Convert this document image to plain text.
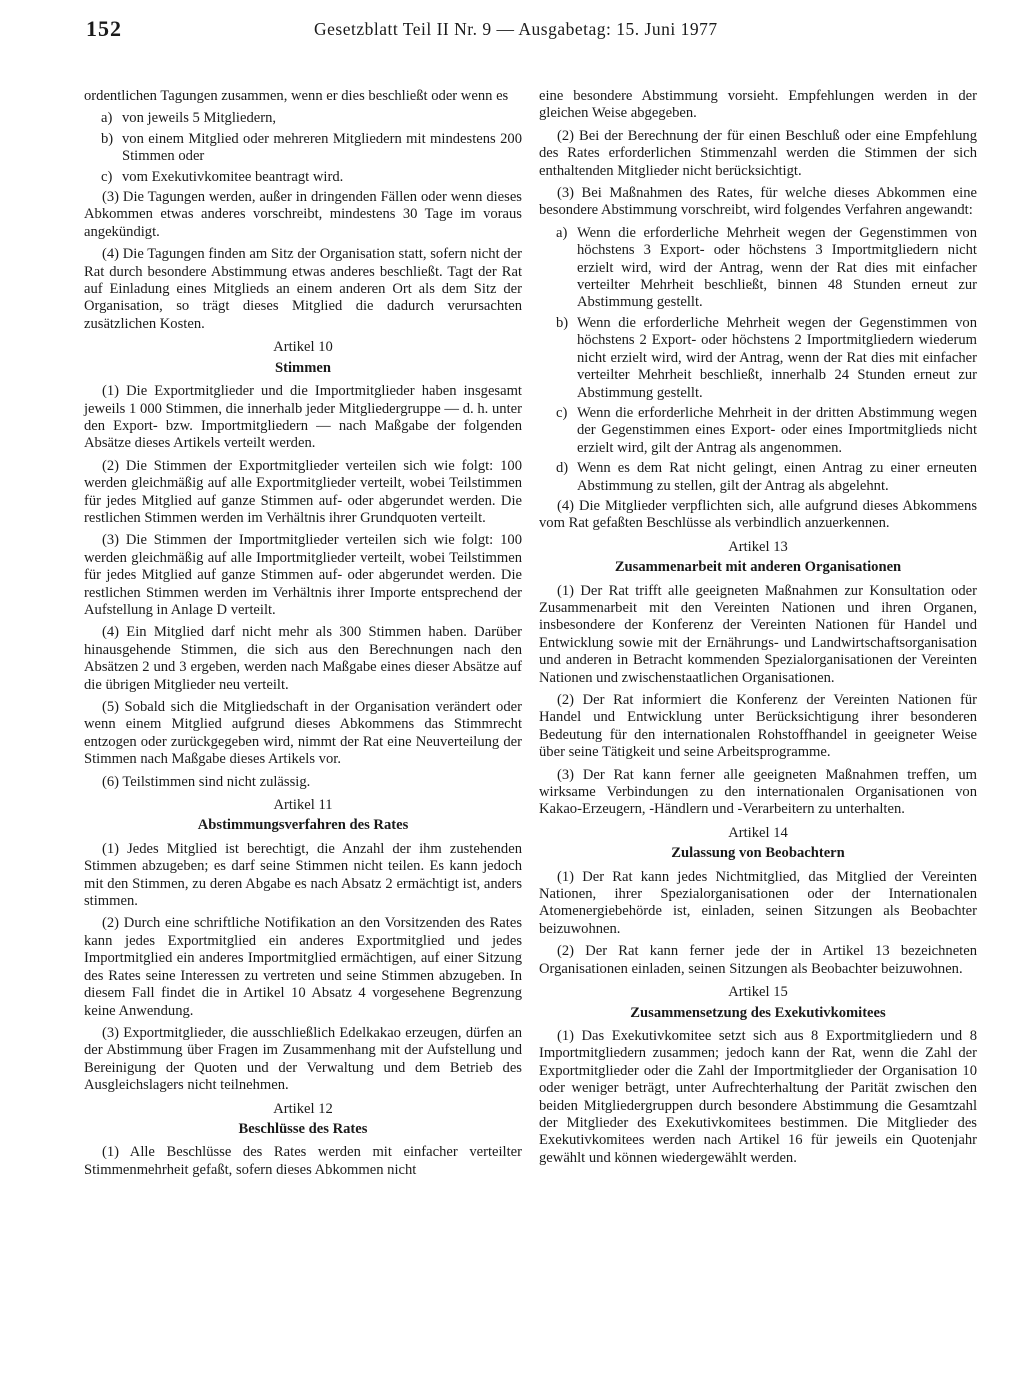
152	Gesetzblatt Teil II Nr. 9 — Ausgabetag: 15. Juni 1977

ordentlichen Tagungen zusammen, wenn er dies beschließt oder wenn es

a) von jeweils 5 Mitgliedern,
b) von einem Mitglied oder mehreren Mitgliedern mit mindestens 200 Stimmen oder
c) vom Exekutivkomitee beantragt wird.

(3) Die Tagungen werden, außer in dringenden Fällen oder wenn dieses Abkommen etwas anderes vorschreibt, mindestens 30 Tage im voraus angekündigt.

(4) Die Tagungen finden am Sitz der Organisation statt, sofern nicht der Rat durch besondere Abstimmung etwas anderes beschließt. Tagt der Rat auf Einladung eines Mitglieds an einem anderen Ort als dem Sitz der Organisation, so trägt dieses Mitglied die dadurch verursachten zusätzlichen Kosten.

Artikel 10
Stimmen

(1) Die Exportmitglieder und die Importmitglieder haben insgesamt jeweils 1 000 Stimmen, die innerhalb jeder Mitgliedergruppe — d. h. unter den Export- bzw. Importmitgliedern — nach Maßgabe der folgenden Absätze dieses Artikels verteilt werden.

(2) Die Stimmen der Exportmitglieder verteilen sich wie folgt: 100 werden gleichmäßig auf alle Exportmitglieder verteilt, wobei Teilstimmen für jedes Mitglied auf ganze Stimmen auf- oder abgerundet werden. Die restlichen Stimmen werden im Verhältnis ihrer Grundquoten verteilt.

(3) Die Stimmen der Importmitglieder verteilen sich wie folgt: 100 werden gleichmäßig auf alle Importmitglieder verteilt, wobei Teilstimmen für jedes Mitglied auf ganze Stimmen auf- oder abgerundet werden. Die restlichen Stimmen werden im Verhältnis ihrer Importe entsprechend der Aufstellung in Anlage D verteilt.

(4) Ein Mitglied darf nicht mehr als 300 Stimmen haben. Darüber hinausgehende Stimmen, die sich aus den Berechnungen nach den Absätzen 2 und 3 ergeben, werden nach Maßgabe eines dieser Absätze auf die übrigen Mitglieder neu verteilt.

(5) Sobald sich die Mitgliedschaft in der Organisation verändert oder wenn einem Mitglied aufgrund dieses Abkommens das Stimmrecht entzogen oder zurückgegeben wird, nimmt der Rat eine Neuverteilung der Stimmen nach Maßgabe dieses Artikels vor.

(6) Teilstimmen sind nicht zulässig.

Artikel 11
Abstimmungsverfahren des Rates

(1) Jedes Mitglied ist berechtigt, die Anzahl der ihm zustehenden Stimmen abzugeben; es darf seine Stimmen nicht teilen. Es kann jedoch mit den Stimmen, zu deren Abgabe es nach Absatz 2 ermächtigt ist, anders stimmen.

(2) Durch eine schriftliche Notifikation an den Vorsitzenden des Rates kann jedes Exportmitglied ein anderes Exportmitglied und jedes Importmitglied ein anderes Importmitglied ermächtigen, auf einer Sitzung des Rates seine Interessen zu vertreten und seine Stimmen abzugeben. In diesem Fall findet die in Artikel 10 Absatz 4 vorgesehene Begrenzung keine Anwendung.

(3) Exportmitglieder, die ausschließlich Edelkakao erzeugen, dürfen an der Abstimmung über Fragen im Zusammenhang mit der Aufstellung und Bereinigung der Quoten und der Verwaltung und dem Betrieb des Ausgleichslagers nicht teilnehmen.

Artikel 12
Beschlüsse des Rates

(1) Alle Beschlüsse des Rates werden mit einfacher verteilter Stimmenmehrheit gefaßt, sofern dieses Abkommen nicht

eine besondere Abstimmung vorsieht. Empfehlungen werden in der gleichen Weise abgegeben.

(2) Bei der Berechnung der für einen Beschluß oder eine Empfehlung des Rates erforderlichen Stimmenzahl werden die Stimmen der sich enthaltenden Mitglieder nicht berücksichtigt.

(3) Bei Maßnahmen des Rates, für welche dieses Abkommen eine besondere Abstimmung vorschreibt, wird folgendes Verfahren angewandt:

a) Wenn die erforderliche Mehrheit wegen der Gegenstimmen von höchstens 3 Export- oder höchstens 3 Importmitgliedern nicht erzielt wird, wird der Antrag, wenn der Rat dies mit einfacher verteilter Mehrheit beschließt, binnen 48 Stunden erneut zur Abstimmung gestellt.
b) Wenn die erforderliche Mehrheit wegen der Gegenstimmen von höchstens 2 Export- oder höchstens 2 Importmitgliedern wiederum nicht erzielt wird, wird der Antrag, wenn der Rat dies mit einfacher verteilter Mehrheit beschließt, innerhalb 24 Stunden erneut zur Abstimmung gestellt.
c) Wenn die erforderliche Mehrheit in der dritten Abstimmung wegen der Gegenstimmen eines Export- oder eines Importmitglieds nicht erzielt wird, gilt der Antrag als angenommen.
d) Wenn es dem Rat nicht gelingt, einen Antrag zu einer erneuten Abstimmung zu stellen, gilt der Antrag als abgelehnt.

(4) Die Mitglieder verpflichten sich, alle aufgrund dieses Abkommens vom Rat gefaßten Beschlüsse als verbindlich anzuerkennen.

Artikel 13
Zusammenarbeit mit anderen Organisationen

(1) Der Rat trifft alle geeigneten Maßnahmen zur Konsultation oder Zusammenarbeit mit den Vereinten Nationen und ihren Organen, insbesondere der Konferenz der Vereinten Nationen für Handel und Entwicklung sowie mit der Ernährungs- und Landwirtschaftsorganisation und anderen in Betracht kommenden Spezialorganisationen der Vereinten Nationen und zwischenstaatlichen Organisationen.

(2) Der Rat informiert die Konferenz der Vereinten Nationen für Handel und Entwicklung unter Berücksichtigung ihrer besonderen Bedeutung für den internationalen Rohstoffhandel in geeigneter Weise über seine Tätigkeit und seine Arbeitsprogramme.

(3) Der Rat kann ferner alle geeigneten Maßnahmen treffen, um wirksame Verbindungen zu den internationalen Organisationen von Kakao-Erzeugern, -Händlern und -Verarbeitern zu unterhalten.

Artikel 14
Zulassung von Beobachtern

(1) Der Rat kann jedes Nichtmitglied, das Mitglied der Vereinten Nationen, ihrer Spezialorganisationen oder der Internationalen Atomenergiebehörde ist, einladen, seinen Sitzungen als Beobachter beizuwohnen.

(2) Der Rat kann ferner jede der in Artikel 13 bezeichneten Organisationen einladen, seinen Sitzungen als Beobachter beizuwohnen.

Artikel 15
Zusammensetzung des Exekutivkomitees

(1) Das Exekutivkomitee setzt sich aus 8 Exportmitgliedern und 8 Importmitgliedern zusammen; jedoch kann der Rat, wenn die Zahl der Exportmitglieder oder die Zahl der Importmitglieder der Organisation 10 oder weniger beträgt, unter Aufrechterhaltung der Parität zwischen den beiden Mitgliedergruppen durch besondere Abstimmung die Gesamtzahl der Mitglieder des Exekutivkomitees bestimmen. Die Mitglieder des Exekutivkomitees werden nach Artikel 16 für jeweils ein Quotenjahr gewählt und können wiedergewählt werden.
